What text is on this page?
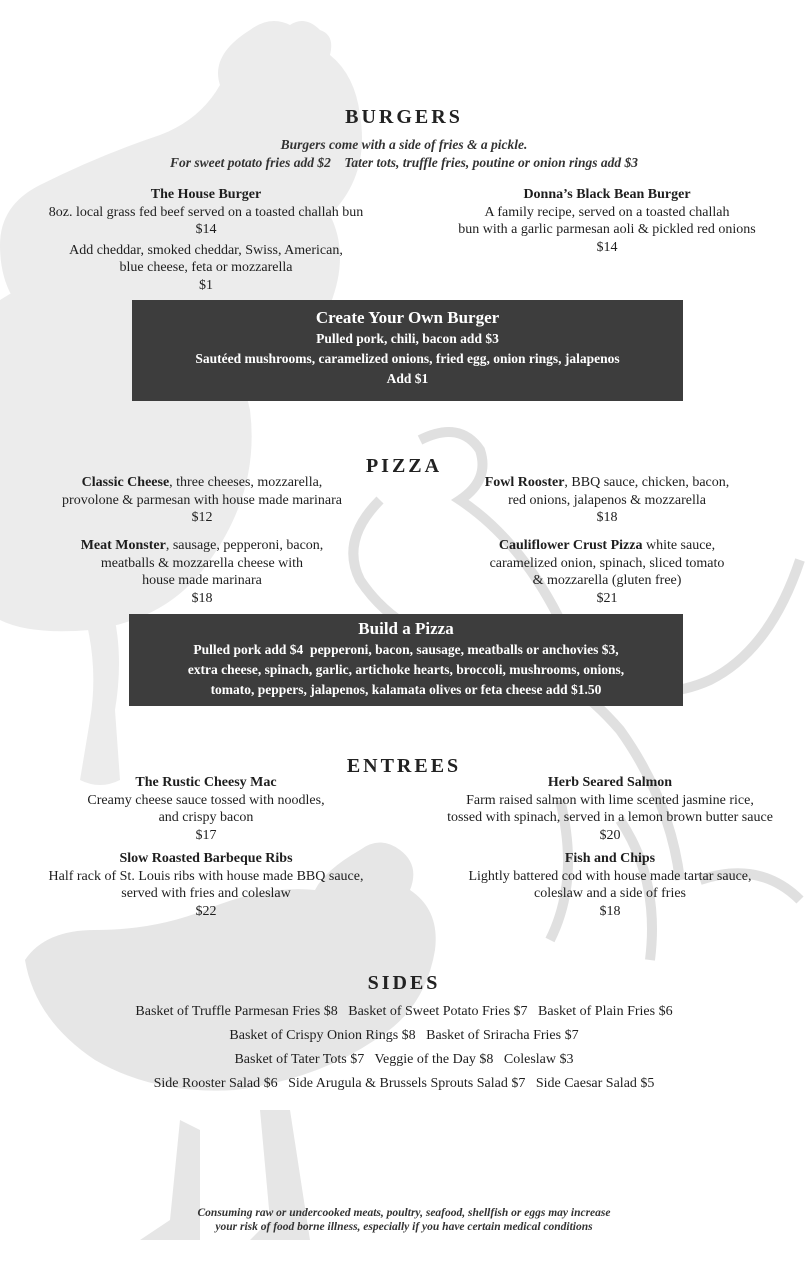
BURGERS
Burgers come with a side of fries & a pickle.
For sweet potato fries add $2    Tater tots, truffle fries, poutine or onion rings add $3
The House Burger
8oz. local grass fed beef served on a toasted challah bun
$14
Add cheddar, smoked cheddar, Swiss, American,
blue cheese, feta or mozzarella
$1
Donna’s Black Bean Burger
A family recipe, served on a toasted challah
bun with a garlic parmesan aoli & pickled red onions
$14
Create Your Own Burger
Pulled pork, chili, bacon add $3
Sautéed mushrooms, caramelized onions, fried egg, onion rings, jalapenos
Add $1
PIZZA
Classic Cheese, three cheeses, mozzarella,
provolone & parmesan with house made marinara
$12
Fowl Rooster, BBQ sauce, chicken, bacon,
red onions, jalapenos & mozzarella
$18
Meat Monster, sausage, pepperoni, bacon,
meatballs & mozzarella cheese with
house made marinara
$18
Cauliflower Crust Pizza white sauce,
caramelized onion, spinach, sliced tomato
& mozzarella (gluten free)
$21
Build a Pizza
Pulled pork add $4  pepperoni, bacon, sausage, meatballs or anchovies $3,
extra cheese, spinach, garlic, artichoke hearts, broccoli, mushrooms, onions,
tomato, peppers, jalapenos, kalamata olives or feta cheese add $1.50
ENTREES
The Rustic Cheesy Mac
Creamy cheese sauce tossed with noodles,
and crispy bacon
$17
Herb Seared Salmon
Farm raised salmon with lime scented jasmine rice,
tossed with spinach, served in a lemon brown butter sauce
$20
Slow Roasted Barbeque Ribs
Half rack of St. Louis ribs with house made BBQ sauce,
served with fries and coleslaw
$22
Fish and Chips
Lightly battered cod with house made tartar sauce,
coleslaw and a side of fries
$18
SIDES
Basket of Truffle Parmesan Fries $8   Basket of Sweet Potato Fries $7   Basket of Plain Fries $6
Basket of Crispy Onion Rings $8   Basket of Sriracha Fries $7
Basket of Tater Tots $7   Veggie of the Day $8   Coleslaw $3
Side Rooster Salad $6   Side Arugula & Brussels Sprouts Salad $7   Side Caesar Salad $5
Consuming raw or undercooked meats, poultry, seafood, shellfish or eggs may increase
your risk of food borne illness, especially if you have certain medical conditions
